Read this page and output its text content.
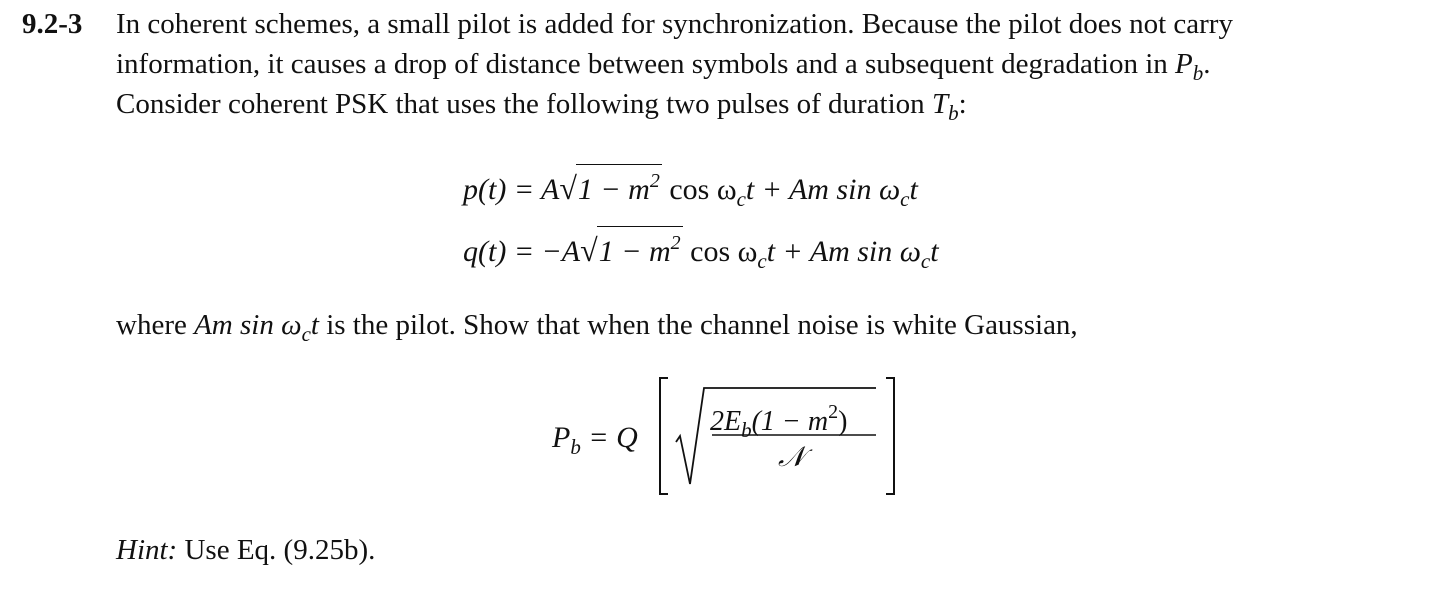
9.2-3 In coherent schemes, a small pilot is added for synchronization. Because the pilot does not carry
information, it causes a drop of distance between symbols and a subsequent degradation in $P_b$.
Consider coherent PSK that uses the following two pulses of duration $T_b$:
$p(t) = A√1 - m^2$ $\cos \omega_ct + Am$ $\sin \omega_ct$
$q(t) = -A√1 - m^2$ $\cos \omega_ct + Am$ $\sin \omega_ct$
where Am $\sin \omega_ct$ is the pilot. Show that when the channel noise is white Gaussian,
$P_b = Q$	$2E_b(1 - m^2)$
𝒩
Hint: Use Eq. (9.25b).
